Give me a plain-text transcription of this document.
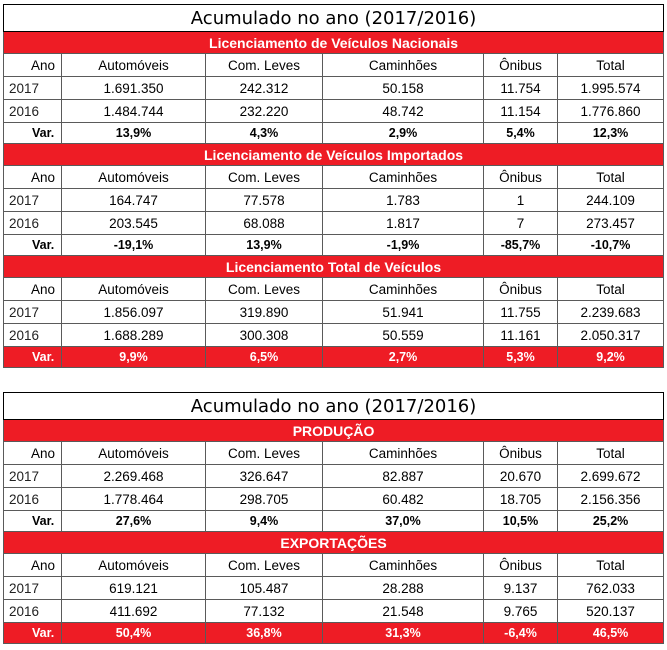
Acumulado no ano (2017/2016)					
Licenciamento de Veículos Nacionais					
Ano	Automóveis	Com. Leves	Caminhões	Ônibus	Total
2017	1.691.350	242.312	50.158	11.754	1.995.574
2016	1.484.744	232.220	48.742	11.154	1.776.860
Var.	13,9%	4,3%	2,9%	5,4%	12,3%
Licenciamento de Veículos Importados					
Ano	Automóveis	Com. Leves	Caminhões	Ônibus	Total
2017	164.747	77.578	1.783	1	244.109
2016	203.545	68.088	1.817	7	273.457
Var.	-19,1%	13,9%	-1,9%	-85,7%	-10,7%
Licenciamento Total de Veículos					
Ano	Automóveis	Com. Leves	Caminhões	Ônibus	Total
2017	1.856.097	319.890	51.941	11.755	2.239.683
2016	1.688.289	300.308	50.559	11.161	2.050.317
Var.	9,9%	6,5%	2,7%	5,3%	9,2%
Acumulado no ano (2017/2016)					
PRODUÇÃO					
Ano	Automóveis	Com. Leves	Caminhões	Ônibus	Total
2017	2.269.468	326.647	82.887	20.670	2.699.672
2016	1.778.464	298.705	60.482	18.705	2.156.356
Var.	27,6%	9,4%	37,0%	10,5%	25,2%
EXPORTAÇÕES					
Ano	Automóveis	Com. Leves	Caminhões	Ônibus	Total
2017	619.121	105.487	28.288	9.137	762.033
2016	411.692	77.132	21.548	9.765	520.137
Var.	50,4%	36,8%	31,3%	-6,4%	46,5%
